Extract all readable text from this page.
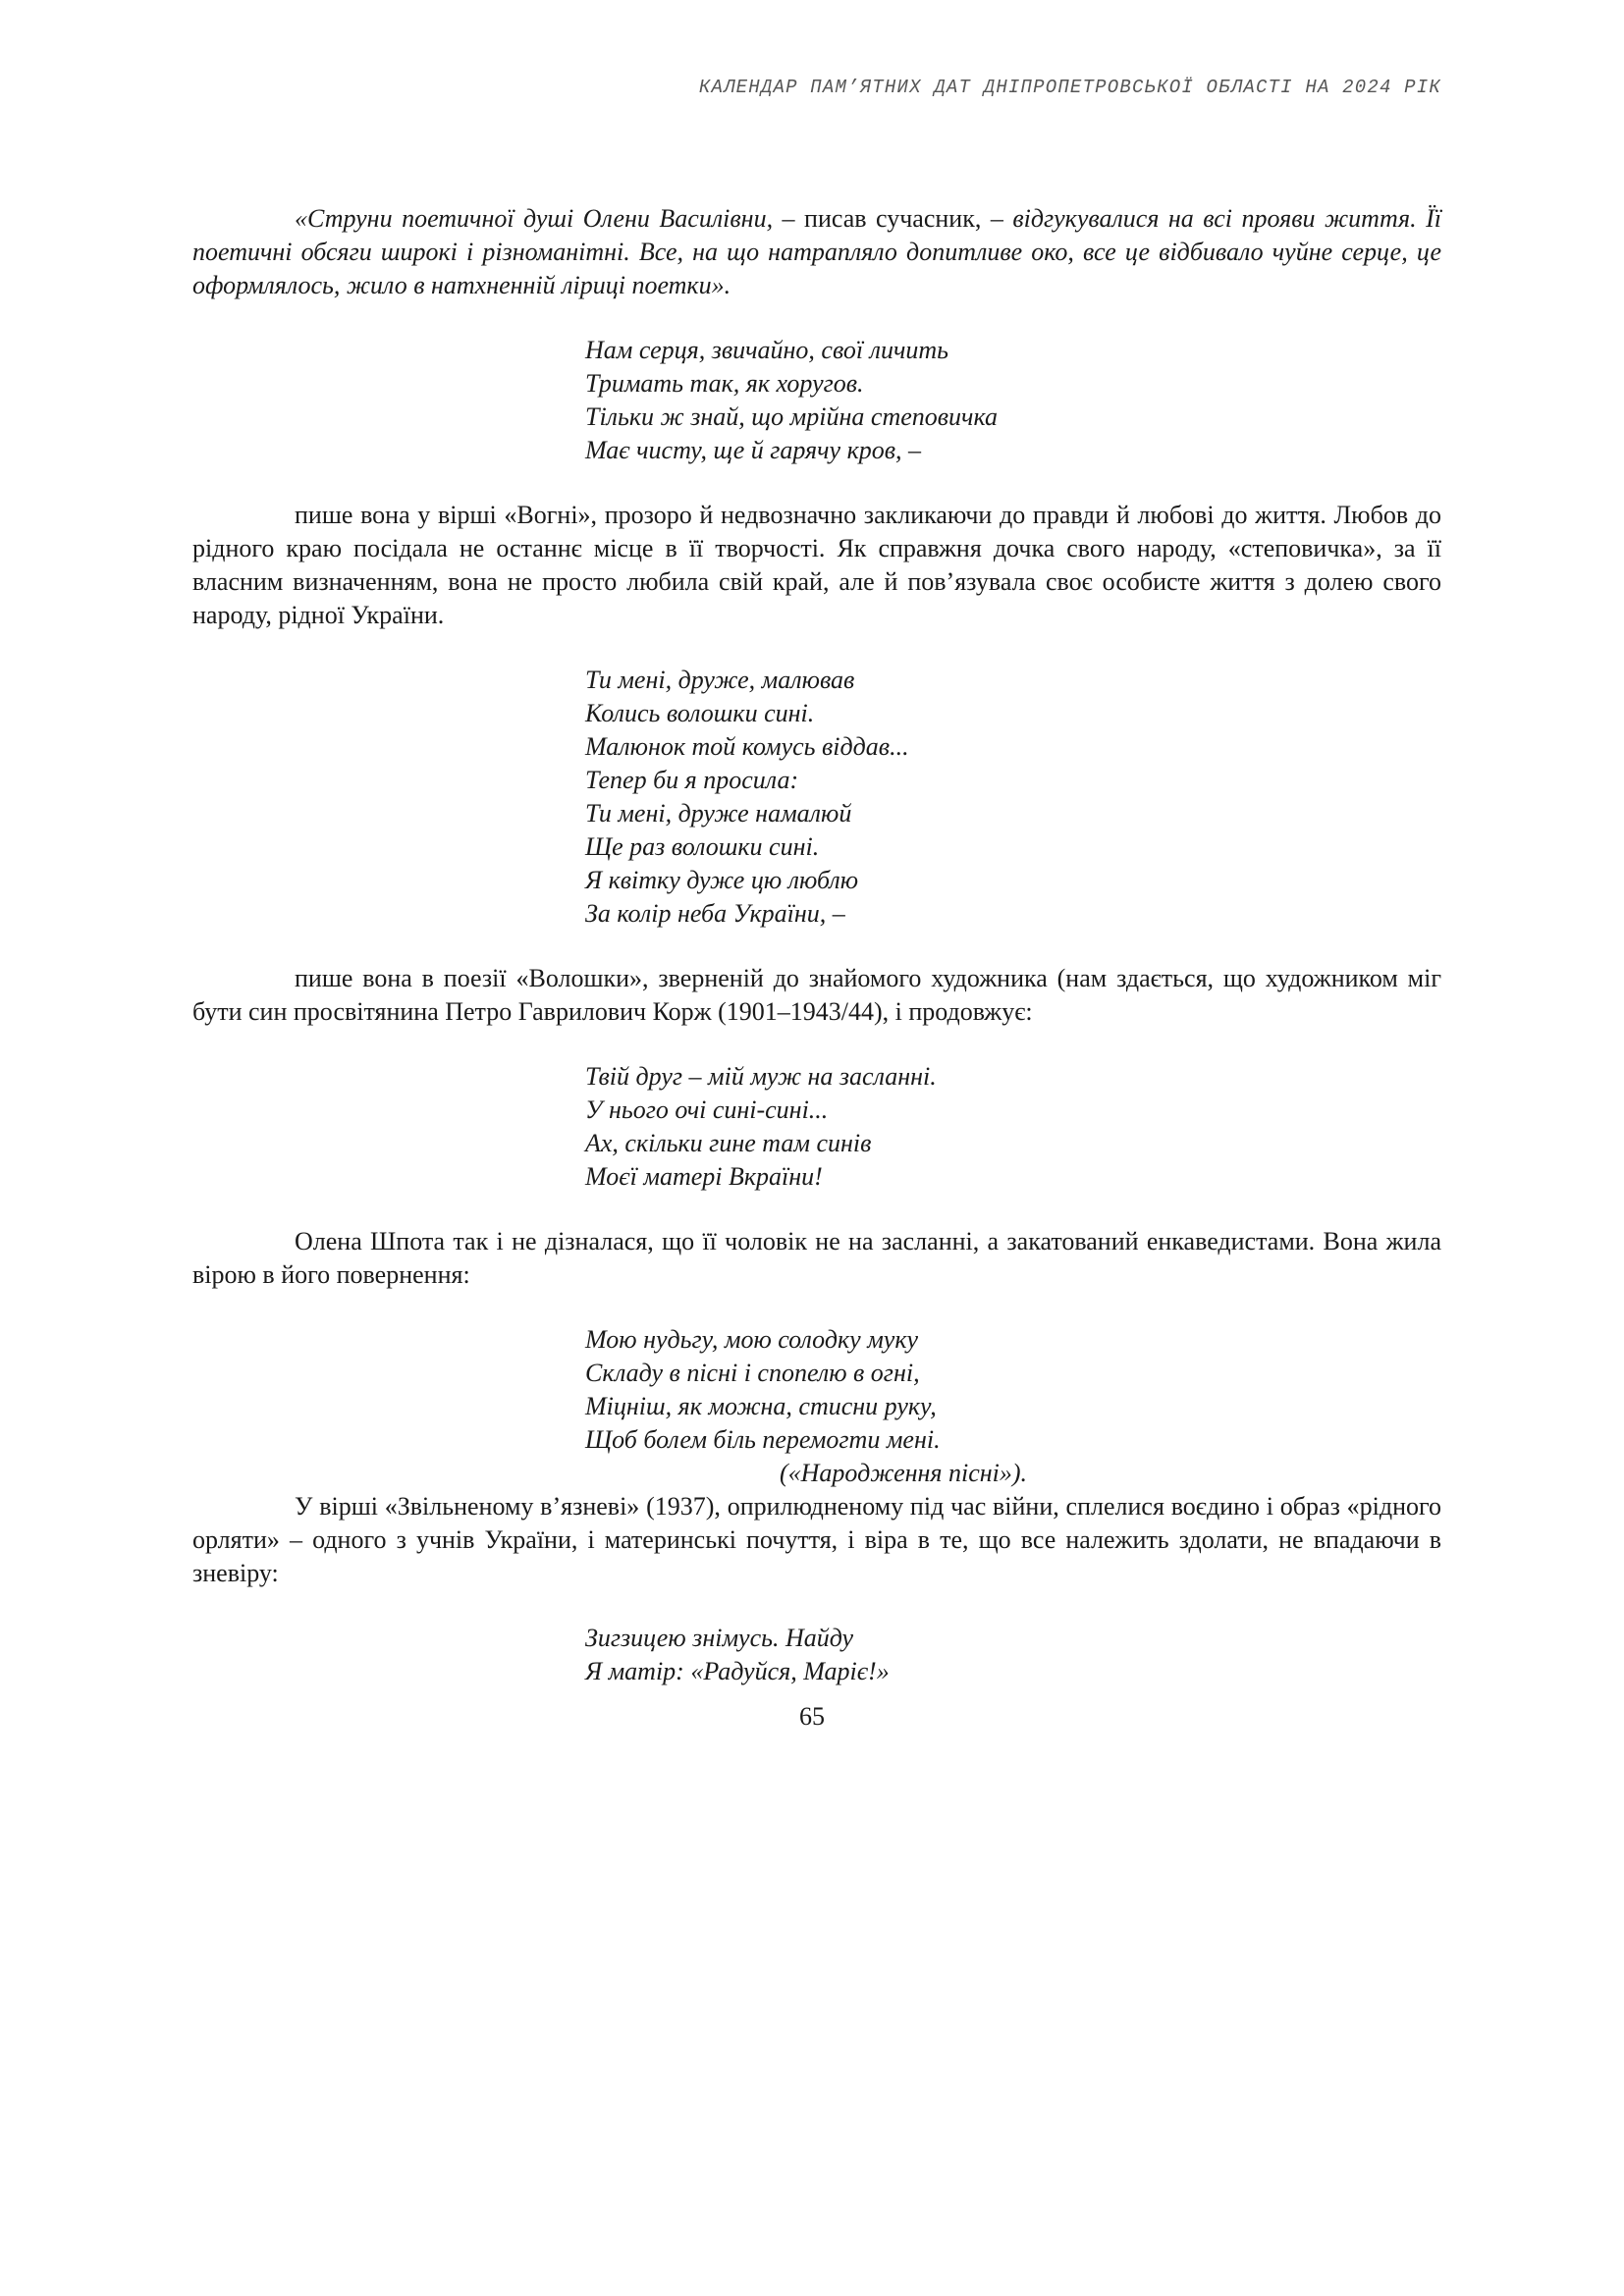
КАЛЕНДАР ПАМ’ЯТНИХ ДАТ ДНІПРОПЕТРОВСЬКОЇ ОБЛАСТІ НА 2024 РІК

«Струни поетичної душі Олени Василівни, – писав сучасник, – відгукувалися на всі прояви життя. Її поетичні обсяги широкі і різноманітні. Все, на що натрапляло допитливе око, все це відбивало чуйне серце, це оформлялось, жило в натхненній ліриці поетки».

Нам серця, звичайно, свої личить
Тримать так, як хоругов.
Тільки ж знай, що мрійна степовичка
Має чисту, ще й гарячу кров, –

пише вона у вірші «Вогні», прозоро й недвозначно закликаючи до правди й любові до життя. Любов до рідного краю посідала не останнє місце в її творчості. Як справжня дочка свого народу, «степовичка», за її власним визначенням, вона не просто любила свій край, але й пов’язувала своє особисте життя з долею свого народу, рідної України.

Ти мені, друже, малював
Колись волошки сині.
Малюнок той комусь віддав...
Тепер би я просила:
Ти мені, друже намалюй
Ще раз волошки сині.
Я квітку дуже цю люблю
За колір неба України, –

пише вона в поезії «Волошки», зверненій до знайомого художника (нам здається, що художником міг бути син просвітянина Петро Гаврилович Корж (1901–1943/44), і продовжує:

Твій друг – мій муж на засланні.
У нього очі сині-сині...
Ах, скільки гине там синів
Моєї матері Вкраїни!

Олена Шпота так і не дізналася, що її чоловік не на засланні, а закатований енкаведистами. Вона жила вірою в його повернення:

Мою нудьгу, мою солодку муку
Складу в пісні і спопелю в огні,
Міцніш, як можна, стисни руку,
Щоб болем біль перемогти мені.
(«Народження пісні»).

У вірші «Звільненому в’язневі» (1937), оприлюдненому під час війни, сплелися воєдино і образ «рідного орляти» – одного з учнів України, і материнські почуття, і віра в те, що все належить здолати, не впадаючи в зневіру:

Зигзицею знімусь. Найду
Я матір: «Радуйся, Маріє!»
65
